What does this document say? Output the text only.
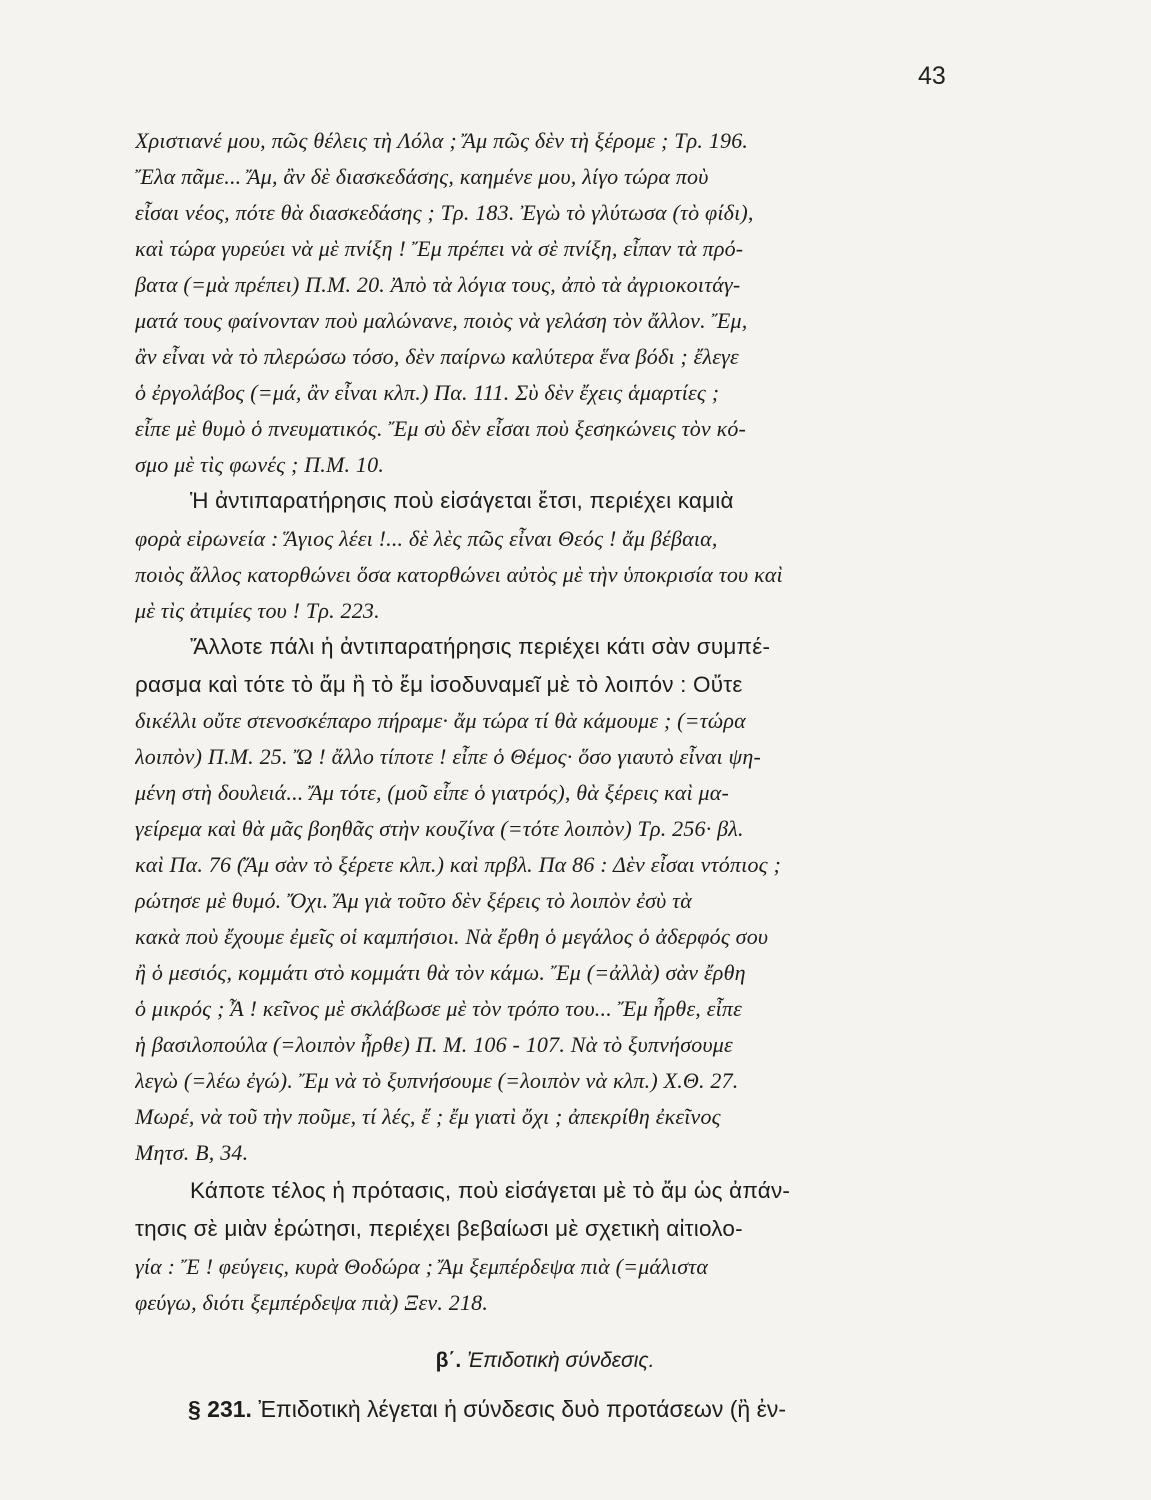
43
Χριστιανέ μου, πῶς θέλεις τὴ Λόλα ; Ἄμ πῶς δὲν τὴ ξέρομε ; Τρ. 196.
Ἔλα πᾶμε... Ἄμ, ἂν δὲ διασκεδάσης, καημένε μου, λίγο τώρα ποὺ
εἶσαι νέος, πότε θὰ διασκεδάσης ; Τρ. 183. Ἐγὼ τὸ γλύτωσα (τὸ φίδι),
καὶ τώρα γυρεύει νὰ μὲ πνίξη ! Ἔμ πρέπει νὰ σὲ πνίξη, εἶπαν τὰ πρό-
βατα (=μὰ πρέπει) Π.Μ. 20. Ἀπὸ τὰ λόγια τους, ἀπὸ τὰ ἀγριοκοιτάγ-
ματά τους φαίνονταν ποὺ μαλώνανε, ποιὸς νὰ γελάση τὸν ἄλλον. Ἔμ,
ἂν εἶναι νὰ τὸ πλερώσω τόσο, δὲν παίρνω καλύτερα ἕνα βόδι ; ἔλεγε
ὁ ἐργολάβος (=μά, ἂν εἶναι κλπ.) Πα. 111. Σὺ δὲν ἔχεις ἁμαρτίες ;
εἶπε μὲ θυμὸ ὁ πνευματικός. Ἔμ σὺ δὲν εἶσαι ποὺ ξεσηκώνεις τὸν κό-
σμο μὲ τὶς φωνές ; Π.Μ. 10.
Ἡ ἀντιπαρατήρησις ποὺ εἰσάγεται ἔτσι, περιέχει καμιὰ
φορὰ εἰρωνεία : Ἅγιος λέει !... δὲ λὲς πῶς εἶναι Θεός ! ἄμ βέβαια,
ποιὸς ἄλλος κατορθώνει ὅσα κατορθώνει αὐτὸς μὲ τὴν ὑποκρισία του καὶ
μὲ τὶς ἀτιμίες του ! Τρ. 223.
Ἄλλοτε πάλι ἡ ἀντιπαρατήρησις περιέχει κάτι σὰν συμπέ-
ρασμα καὶ τότε τὸ ἄμ ἢ τὸ ἔμ ἰσοδυναμεῖ μὲ τὸ λοιπόν : Οὔτε
δικέλλι οὔτε στενοσκέπαρο πήραμε· ἄμ τώρα τί θὰ κάμουμε ; (=τώρα
λοιπὸν) Π.Μ. 25. Ὤ ! ἄλλο τίποτε ! εἶπε ὁ Θέμος· ὅσο γιαυτὸ εἶναι ψη-
μένη στὴ δουλειά... Ἄμ τότε, (μοῦ εἶπε ὁ γιατρός), θὰ ξέρεις καὶ μα-
γείρεμα καὶ θὰ μᾶς βοηθᾶς στὴν κουζίνα (=τότε λοιπὸν) Τρ. 256· βλ.
καὶ Πα. 76 (Ἄμ σὰν τὸ ξέρετε κλπ.) καὶ πρβλ. Πα 86 : Δὲν εἶσαι ντόπιος ;
ρώτησε μὲ θυμό. Ὄχι. Ἄμ γιὰ τοῦτο δὲν ξέρεις τὸ λοιπὸν ἐσὺ τὰ
κακὰ ποὺ ἔχουμε ἐμεῖς οἱ καμπήσιοι. Νὰ ἔρθη ὁ μεγάλος ὁ ἀδερφός σου
ἢ ὁ μεσιός, κομμάτι στὸ κομμάτι θὰ τὸν κάμω. Ἔμ (=ἀλλὰ) σὰν ἔρθη
ὁ μικρός ; Ἆ ! κεῖνος μὲ σκλάβωσε μὲ τὸν τρόπο του... Ἔμ ἦρθε, εἶπε
ἡ βασιλοπούλα (=λοιπὸν ἦρθε) Π. Μ. 106 - 107. Νὰ τὸ ξυπνήσουμε
λεγὼ (=λέω ἐγώ). Ἔμ νὰ τὸ ξυπνήσουμε (=λοιπὸν νὰ κλπ.) Χ.Θ. 27.
Μωρέ, νὰ τοῦ τὴν ποῦμε, τί λές, ἔ ; ἔμ γιατὶ ὄχι ; ἀπεκρίθη ἐκεῖνος
Μητσ. Β, 34.
Κάποτε τέλος ἡ πρότασις, ποὺ εἰσάγεται μὲ τὸ ἄμ ὡς ἀπάν-
τησις σὲ μιὰν ἐρώτησι, περιέχει βεβαίωσι μὲ σχετικὴ αἰτιολο-
γία : Ἔ ! φεύγεις, κυρὰ Θοδώρα ; Ἄμ ξεμπέρδεψα πιὰ (=μάλιστα
φεύγω, διότι ξεμπέρδεψα πιὰ) Ξεν. 218.
β΄. Ἐπιδοτικὴ σύνδεσις.
§ 231. Ἐπιδοτικὴ λέγεται ἡ σύνδεσις δυὸ προτάσεων (ἢ ἐν-
